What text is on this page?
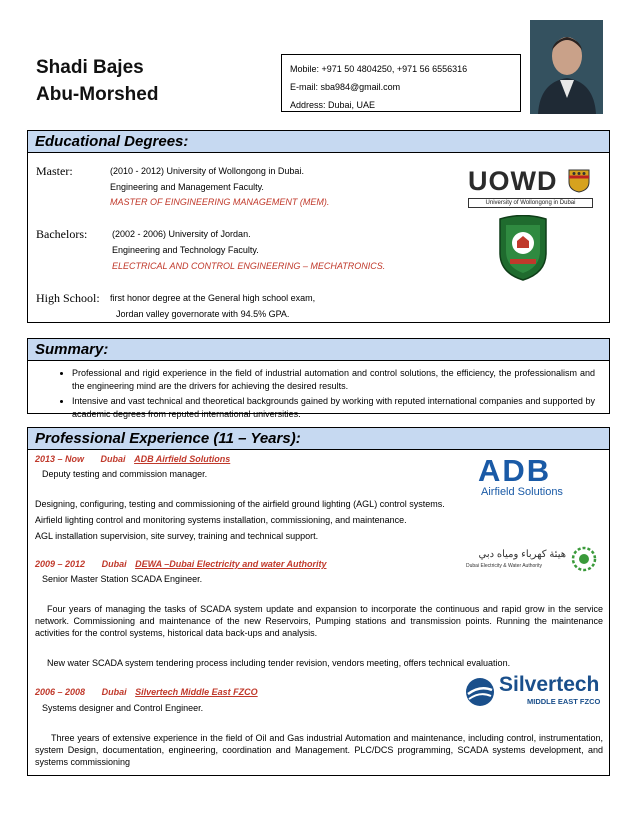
Shadi Bajes
Abu-Morshed
Mobile: +971 50 4804250, +971 56 6556316
E-mail: sba984@gmail.com
Address: Dubai, UAE
Educational Degrees:
Master:	(2010 - 2012) University of Wollongong in Dubai.
Engineering and Management Faculty.
MASTER OF EINGINEERING MANAGEMENT (MEM).
Bachelors:	(2002 - 2006) University of Jordan.
Engineering and Technology Faculty.
ELECTRICAL AND CONTROL ENGINEERING – MECHATRONICS.
High School: first honor degree at the General high school exam,
Jordan valley governorate with 94.5% GPA.
UOWD
University of Wollongong in Dubai
Summary:
• Professional and rigid experience in the field of industrial automation and control solutions, the efficiency, the professionalism and the engineering mind are the drivers for achieving the desired results.
• Intensive and vast technical and theoretical backgrounds gained by working with reputed international companies and supported by academic degrees from reputed international universities.
Professional Experience (11 – Years):
2013 – Now Dubai ADB Airfield Solutions
Deputy testing and commission manager.
Designing, configuring, testing and commissioning of the airfield ground lighting (AGL) control systems.
Airfield lighting control and monitoring systems installation, commissioning, and maintenance.
AGL installation supervision, site survey, training and technical support.
ADB
Airfield Solutions
2009 – 2012 Dubai DEWA –Dubai Electricity and water Authority
Senior Master Station SCADA Engineer.
Four years of managing the tasks of SCADA system update and expansion to incorporate the continuous and rapid grow in the service network. Commissioning and maintenance of the new Reservoirs, Pumping stations and transmission points. Running the maintenance activities for the control systems, historical data back-ups and analysis.
New water SCADA system tendering process including tender revision, vendors meeting, offers technical evaluation.
هيئة كهرباء ومياه دبي
Dubai Electricity & Water Authority
2006 – 2008 Dubai Silvertech Middle East FZCO
Systems designer and Control Engineer.
Three years of extensive experience in the field of Oil and Gas industrial Automation and maintenance, including control, instrumentation, system Design, documentation, engineering, coordination and Management. PLC/DCS programming, SCADA systems development, and systems commissioning
Silvertech
MIDDLE EAST FZCO
